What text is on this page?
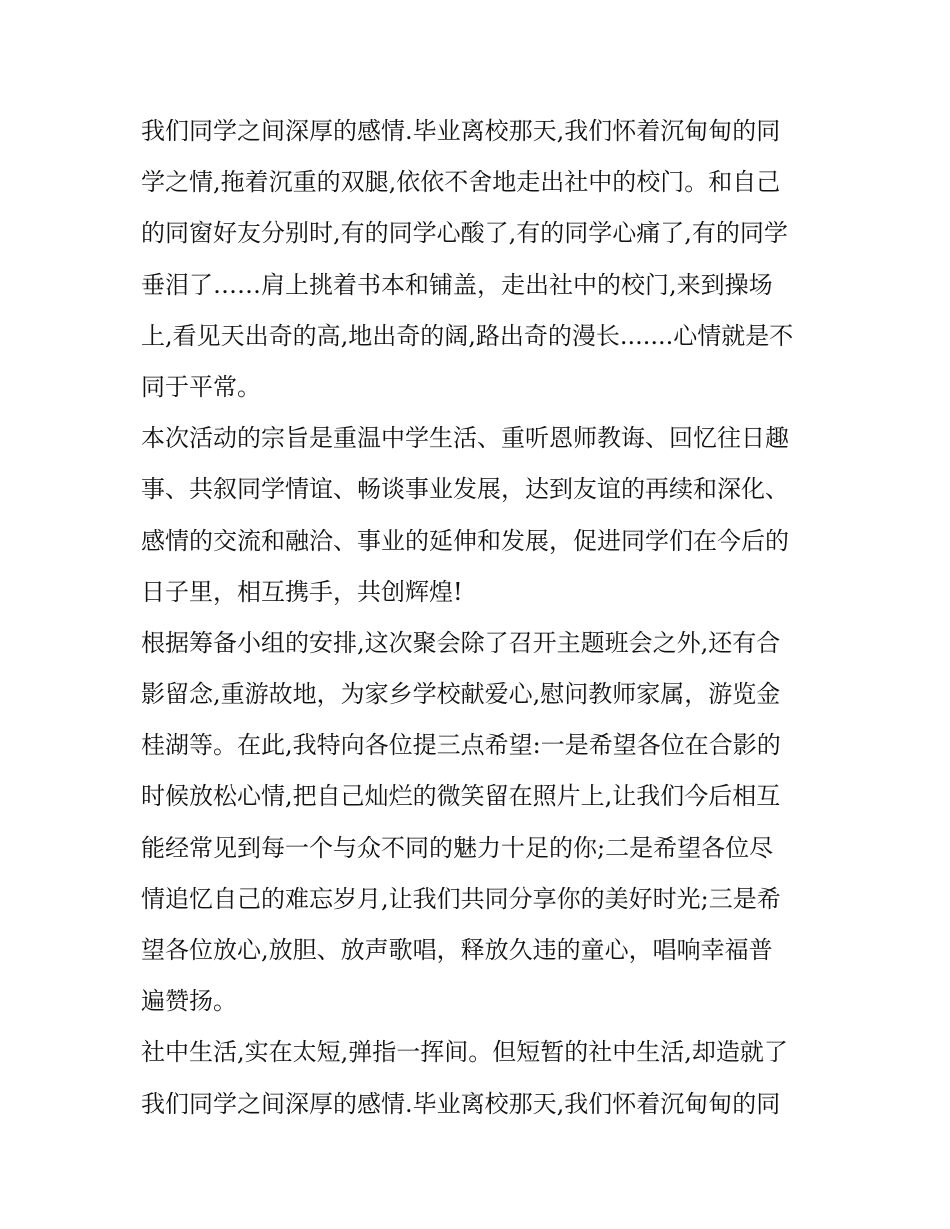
我们同学之间深厚的感情.毕业离校那天,我们怀着沉甸甸的同
学之情,拖着沉重的双腿,依依不舍地走出社中的校门。和自己
的同窗好友分别时,有的同学心酸了,有的同学心痛了,有的同学
垂泪了……肩上挑着书本和铺盖，走出社中的校门,来到操场
上,看见天出奇的高,地出奇的阔,路出奇的漫长.......心情就是不
同于平常。
本次活动的宗旨是重温中学生活、重听恩师教诲、回忆往日趣
事、共叙同学情谊、畅谈事业发展，达到友谊的再续和深化、
感情的交流和融洽、事业的延伸和发展，促进同学们在今后的
日子里，相互携手，共创辉煌!
根据筹备小组的安排,这次聚会除了召开主题班会之外,还有合
影留念,重游故地，为家乡学校献爱心,慰问教师家属，游览金
桂湖等。在此,我特向各位提三点希望:一是希望各位在合影的
时候放松心情,把自己灿烂的微笑留在照片上,让我们今后相互
能经常见到每一个与众不同的魅力十足的你;二是希望各位尽
情追忆自己的难忘岁月,让我们共同分享你的美好时光;三是希
望各位放心,放胆、放声歌唱，释放久违的童心，唱响幸福普
遍赞扬。
社中生活,实在太短,弹指一挥间。但短暂的社中生活,却造就了
我们同学之间深厚的感情.毕业离校那天,我们怀着沉甸甸的同
